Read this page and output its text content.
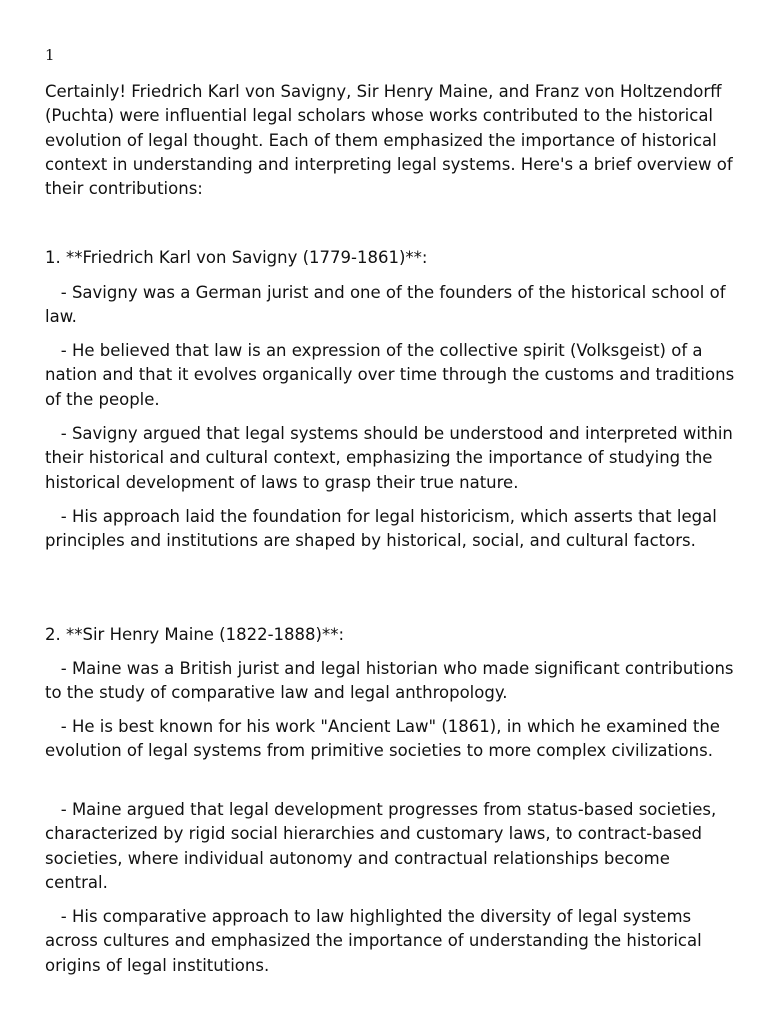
1

Certainly! Friedrich Karl von Savigny, Sir Henry Maine, and Franz von Holtzendorff (Puchta) were influential legal scholars whose works contributed to the historical evolution of legal thought. Each of them emphasized the importance of historical context in understanding and interpreting legal systems. Here's a brief overview of their contributions:

1. **Friedrich Karl von Savigny (1779-1861)**:

- Savigny was a German jurist and one of the founders of the historical school of law.

- He believed that law is an expression of the collective spirit (Volksgeist) of a nation and that it evolves organically over time through the customs and traditions of the people.

- Savigny argued that legal systems should be understood and interpreted within their historical and cultural context, emphasizing the importance of studying the historical development of laws to grasp their true nature.

- His approach laid the foundation for legal historicism, which asserts that legal principles and institutions are shaped by historical, social, and cultural factors.

2. **Sir Henry Maine (1822-1888)**:

- Maine was a British jurist and legal historian who made significant contributions to the study of comparative law and legal anthropology.

- He is best known for his work "Ancient Law" (1861), in which he examined the evolution of legal systems from primitive societies to more complex civilizations.

- Maine argued that legal development progresses from status-based societies, characterized by rigid social hierarchies and customary laws, to contract-based societies, where individual autonomy and contractual relationships become central.

- His comparative approach to law highlighted the diversity of legal systems across cultures and emphasized the importance of understanding the historical origins of legal institutions.
